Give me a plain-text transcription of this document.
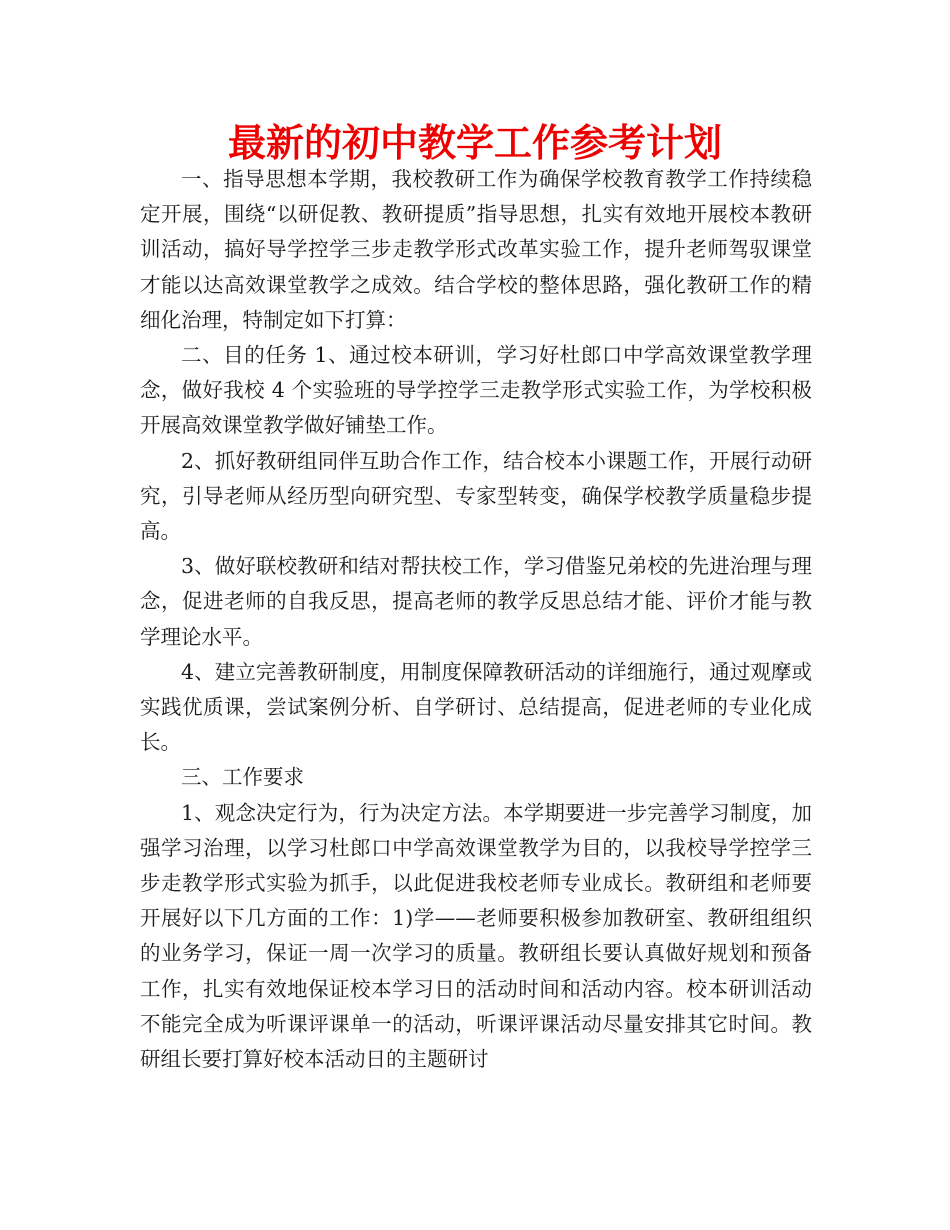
最新的初中教学工作参考计划

一、指导思想本学期，我校教研工作为确保学校教育教学工作持续稳定开展，围绕“以研促教、教研提质”指导思想，扎实有效地开展校本教研训活动，搞好导学控学三步走教学形式改革实验工作，提升老师驾驭课堂才能以达高效课堂教学之成效。结合学校的整体思路，强化教研工作的精细化治理，特制定如下打算：

二、目的任务 1、通过校本研训，学习好杜郎口中学高效课堂教学理念，做好我校 4 个实验班的导学控学三走教学形式实验工作，为学校积极开展高效课堂教学做好铺垫工作。

2、抓好教研组同伴互助合作工作，结合校本小课题工作，开展行动研究，引导老师从经历型向研究型、专家型转变，确保学校教学质量稳步提高。

3、做好联校教研和结对帮扶校工作，学习借鉴兄弟校的先进治理与理念，促进老师的自我反思，提高老师的教学反思总结才能、评价才能与教学理论水平。

4、建立完善教研制度，用制度保障教研活动的详细施行，通过观摩或实践优质课，尝试案例分析、自学研讨、总结提高，促进老师的专业化成长。

三、工作要求

1、观念决定行为，行为决定方法。本学期要进一步完善学习制度，加强学习治理，以学习杜郎口中学高效课堂教学为目的，以我校导学控学三步走教学形式实验为抓手，以此促进我校老师专业成长。教研组和老师要开展好以下几方面的工作：1)学——老师要积极参加教研室、教研组组织的业务学习，保证一周一次学习的质量。教研组长要认真做好规划和预备工作，扎实有效地保证校本学习日的活动时间和活动内容。校本研训活动不能完全成为听课评课单一的活动，听课评课活动尽量安排其它时间。教研组长要打算好校本活动日的主题研讨
